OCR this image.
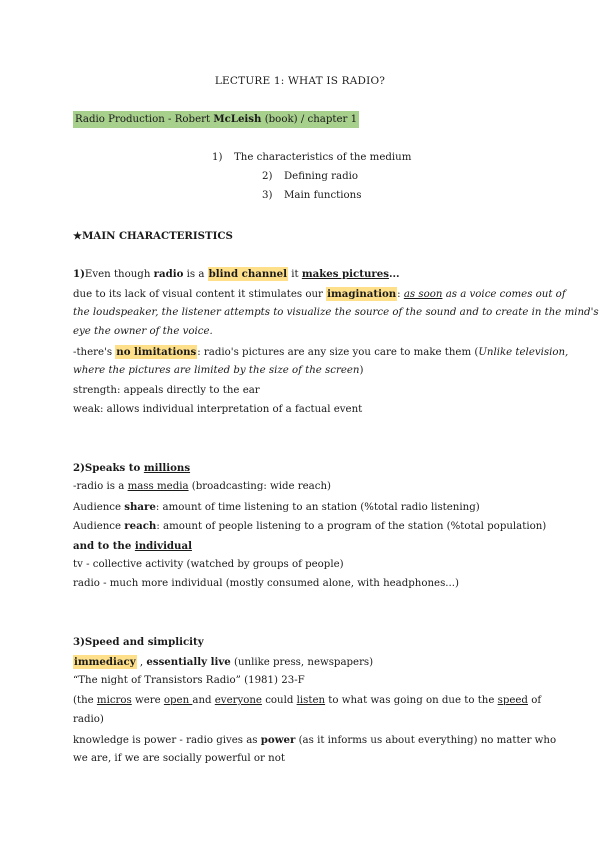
LECTURE 1: WHAT IS RADIO?
Radio Production - Robert McLeish (book) / chapter 1
1) The characteristics of the medium
2) Defining radio
3) Main functions
★MAIN CHARACTERISTICS
1)Even though radio is a blind channel it makes pictures...
due to its lack of visual content it stimulates our imagination: as soon as a voice comes out of
the loudspeaker, the listener attempts to visualize the source of the sound and to create in the mind's
eye the owner of the voice.
-there's no limitations: radio's pictures are any size you care to make them (Unlike television,
where the pictures are limited by the size of the screen)
strength: appeals directly to the ear
weak: allows individual interpretation of a factual event
2)Speaks to millions
-radio is a mass media (broadcasting: wide reach)
Audience share: amount of time listening to an station (%total radio listening)
Audience reach: amount of people listening to a program of the station (%total population)
and to the individual
tv - collective activity (watched by groups of people)
radio - much more individual (mostly consumed alone, with headphones...)
3)Speed and simplicity
immediacy , essentially live (unlike press, newspapers)
“The night of Transistors Radio” (1981) 23-F
(the micros were open and everyone could listen to what was going on due to the speed of
radio)
knowledge is power - radio gives as power (as it informs us about everything) no matter who
we are, if we are socially powerful or not
